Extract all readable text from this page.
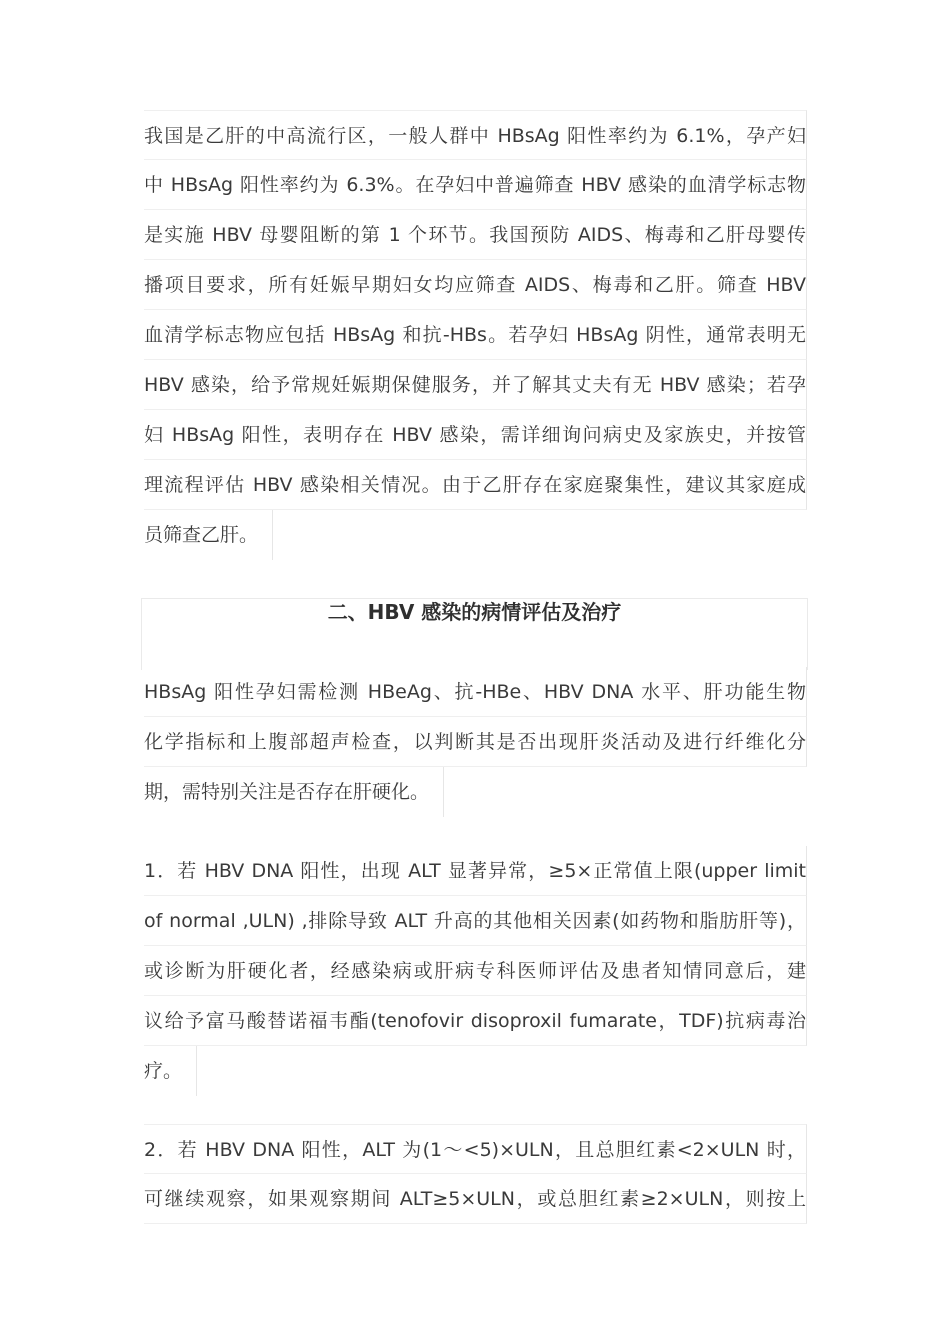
我国是乙肝的中高流行区，一般人群中 HBsAg 阳性率约为 6.1%，孕产妇
中 HBsAg 阳性率约为 6.3%。在孕妇中普遍筛查 HBV 感染的血清学标志物
是实施 HBV 母婴阻断的第 1 个环节。我国预防 AIDS、梅毒和乙肝母婴传
播项目要求，所有妊娠早期妇女均应筛查 AIDS、梅毒和乙肝。筛查 HBV
血清学标志物应包括 HBsAg 和抗-HBs。若孕妇 HBsAg 阴性，通常表明无
HBV 感染，给予常规妊娠期保健服务，并了解其丈夫有无 HBV 感染；若孕
妇 HBsAg 阳性，表明存在 HBV 感染，需详细询问病史及家族史，并按管
理流程评估 HBV 感染相关情况。由于乙肝存在家庭聚集性，建议其家庭成
员筛查乙肝。
二、HBV 感染的病情评估及治疗
HBsAg 阳性孕妇需检测 HBeAg、抗-HBe、HBV DNA 水平、肝功能生物
化学指标和上腹部超声检查，以判断其是否出现肝炎活动及进行纤维化分
期，需特别关注是否存在肝硬化。
1．若 HBV DNA 阳性，出现 ALT 显著异常，≥5×正常值上限(upper limit
of normal ,ULN) ,排除导致 ALT 升高的其他相关因素(如药物和脂肪肝等)，
或诊断为肝硬化者，经感染病或肝病专科医师评估及患者知情同意后，建
议给予富马酸替诺福韦酯(tenofovir disoproxil fumarate，TDF)抗病毒治
疗。
2．若 HBV DNA 阳性，ALT 为(1～<5)×ULN，且总胆红素<2×ULN 时，
可继续观察，如果观察期间 ALT≥5×ULN，或总胆红素≥2×ULN，则按上
